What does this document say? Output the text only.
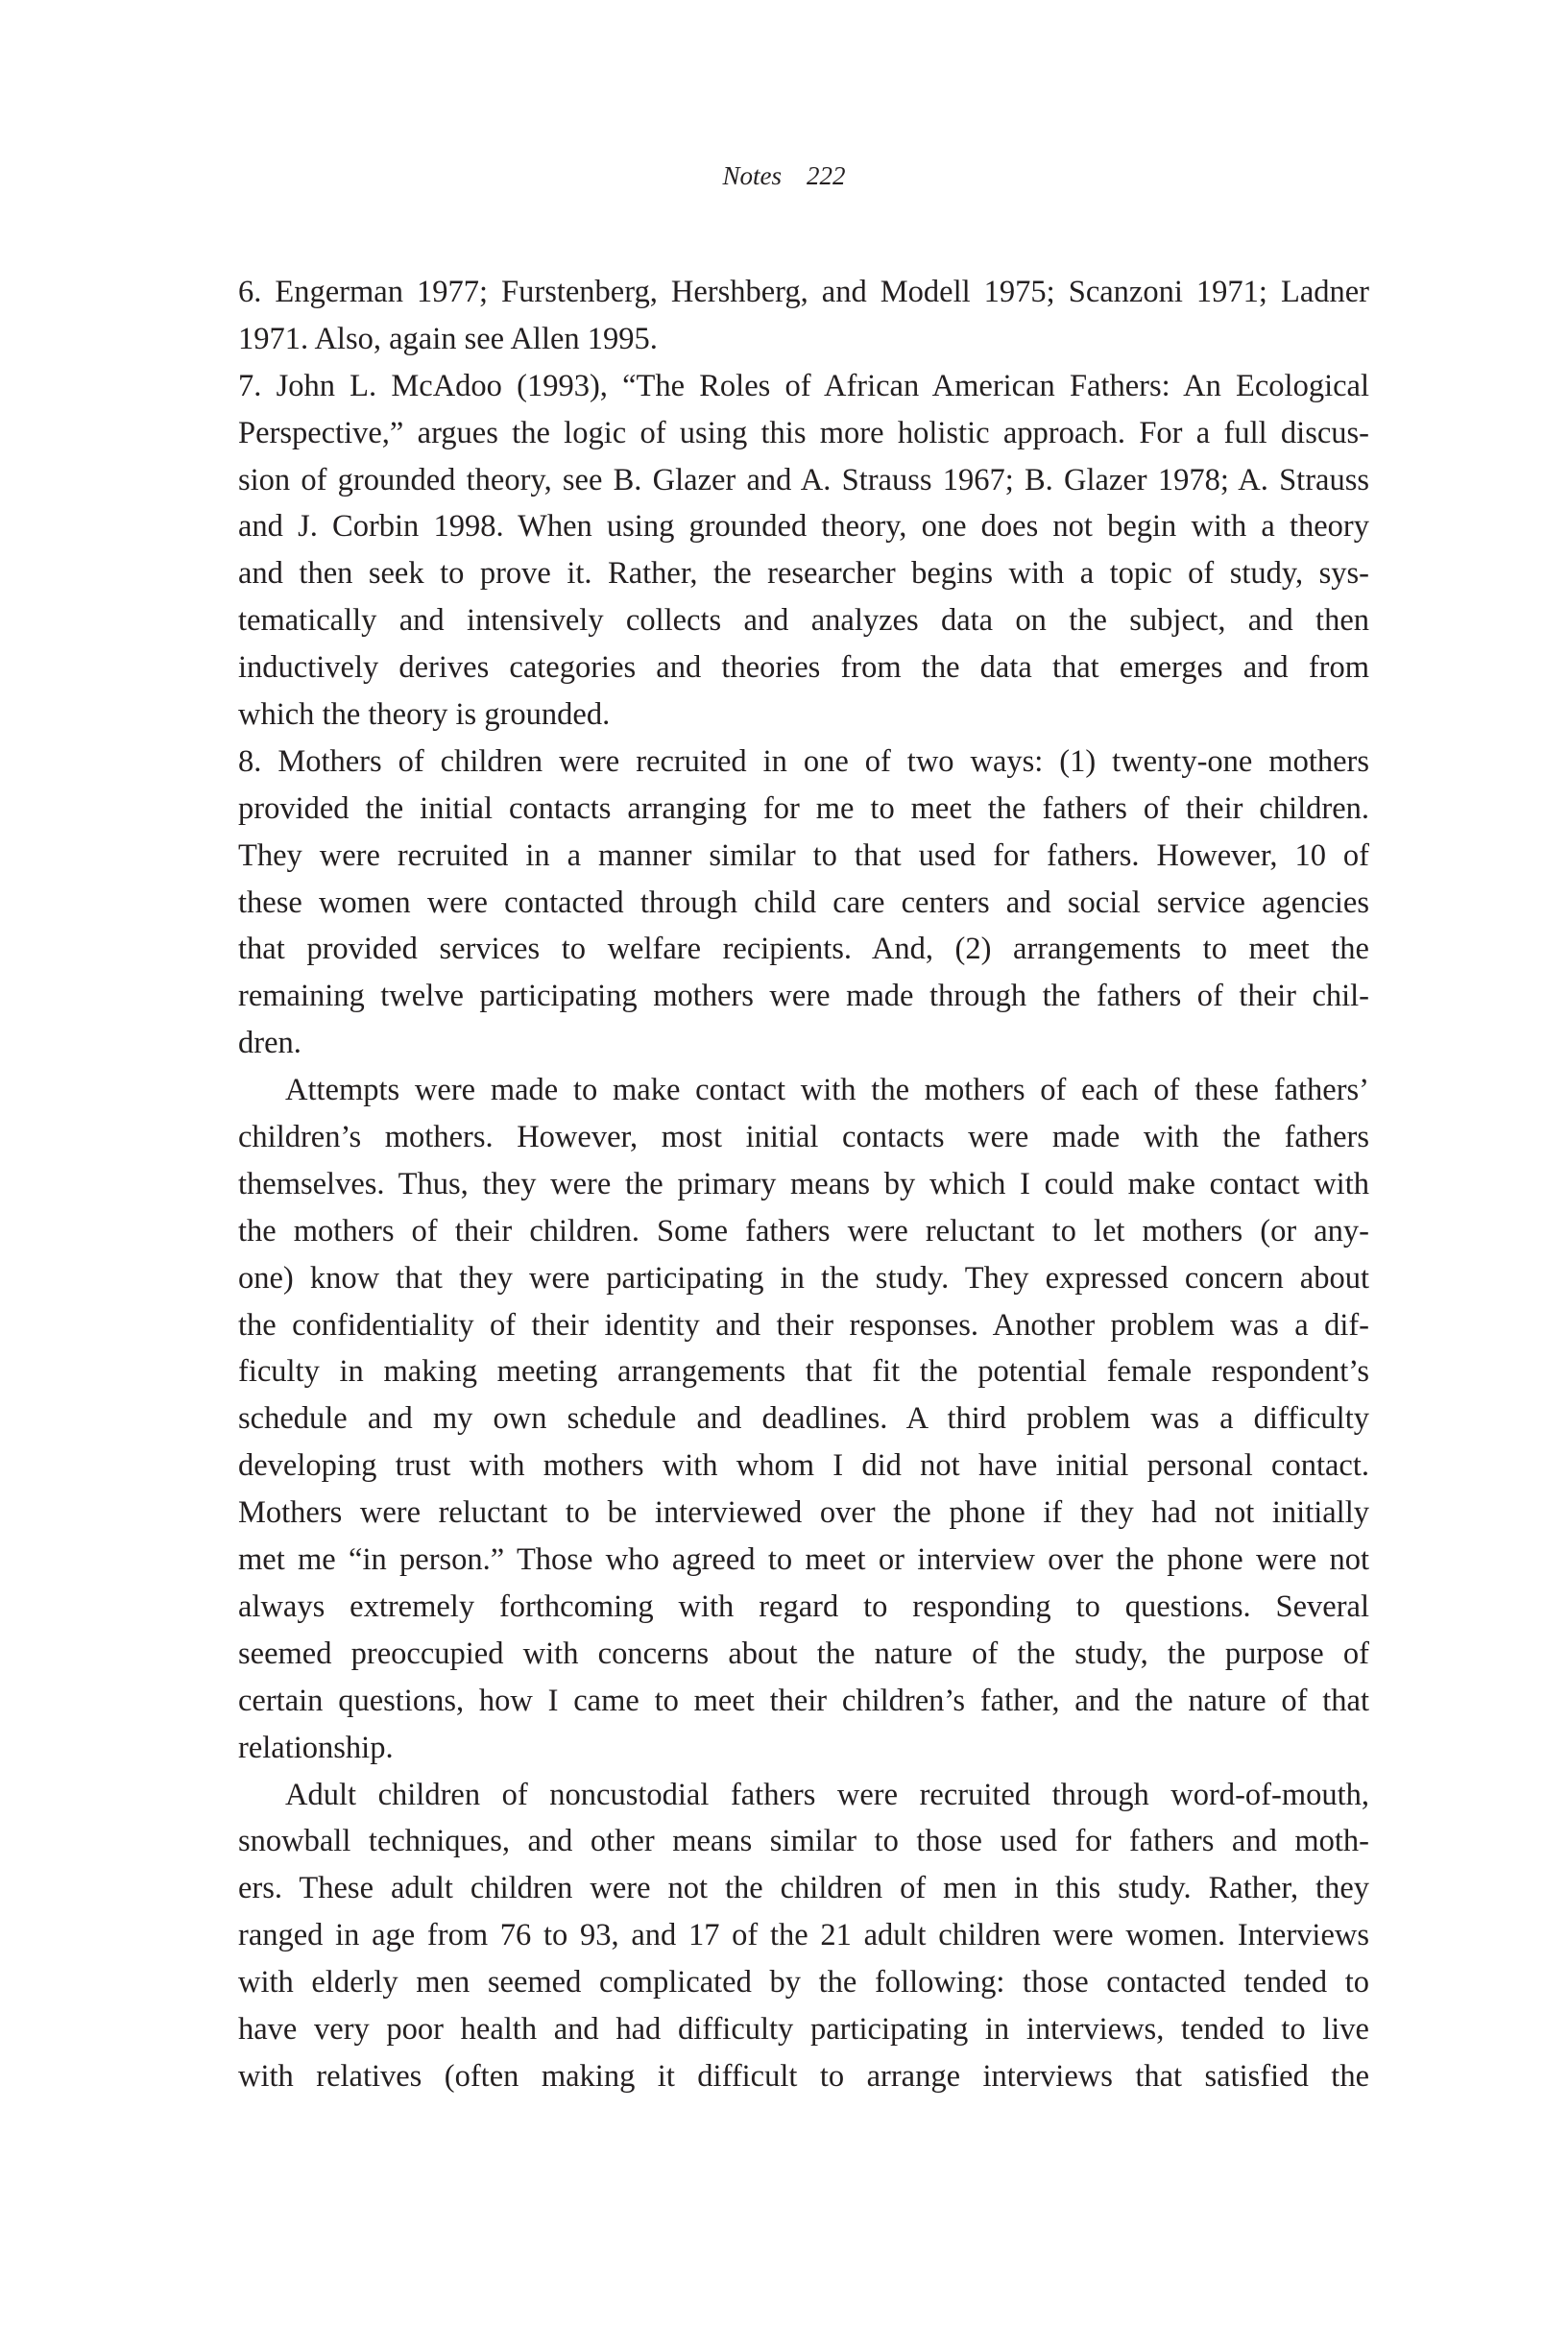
Notes 222
6. Engerman 1977; Furstenberg, Hershberg, and Modell 1975; Scanzoni 1971; Ladner
1971. Also, again see Allen 1995.
7. John L. McAdoo (1993), “The Roles of African American Fathers: An Ecological
Perspective,” argues the logic of using this more holistic approach. For a full discus-
sion of grounded theory, see B. Glazer and A. Strauss 1967; B. Glazer 1978; A. Strauss
and J. Corbin 1998. When using grounded theory, one does not begin with a theory
and then seek to prove it. Rather, the researcher begins with a topic of study, sys-
tematically and intensively collects and analyzes data on the subject, and then
inductively derives categories and theories from the data that emerges and from
which the theory is grounded.
8. Mothers of children were recruited in one of two ways: (1) twenty-one mothers
provided the initial contacts arranging for me to meet the fathers of their children.
They were recruited in a manner similar to that used for fathers. However, 10 of
these women were contacted through child care centers and social service agencies
that provided services to welfare recipients. And, (2) arrangements to meet the
remaining twelve participating mothers were made through the fathers of their chil-
dren.
Attempts were made to make contact with the mothers of each of these fathers’
children’s mothers. However, most initial contacts were made with the fathers
themselves. Thus, they were the primary means by which I could make contact with
the mothers of their children. Some fathers were reluctant to let mothers (or any-
one) know that they were participating in the study. They expressed concern about
the confidentiality of their identity and their responses. Another problem was a dif-
ficulty in making meeting arrangements that fit the potential female respondent’s
schedule and my own schedule and deadlines. A third problem was a difficulty
developing trust with mothers with whom I did not have initial personal contact.
Mothers were reluctant to be interviewed over the phone if they had not initially
met me “in person.” Those who agreed to meet or interview over the phone were not
always extremely forthcoming with regard to responding to questions. Several
seemed preoccupied with concerns about the nature of the study, the purpose of
certain questions, how I came to meet their children’s father, and the nature of that
relationship.
Adult children of noncustodial fathers were recruited through word-of-mouth,
snowball techniques, and other means similar to those used for fathers and moth-
ers. These adult children were not the children of men in this study. Rather, they
ranged in age from 76 to 93, and 17 of the 21 adult children were women. Interviews
with elderly men seemed complicated by the following: those contacted tended to
have very poor health and had difficulty participating in interviews, tended to live
with relatives (often making it difficult to arrange interviews that satisfied the
